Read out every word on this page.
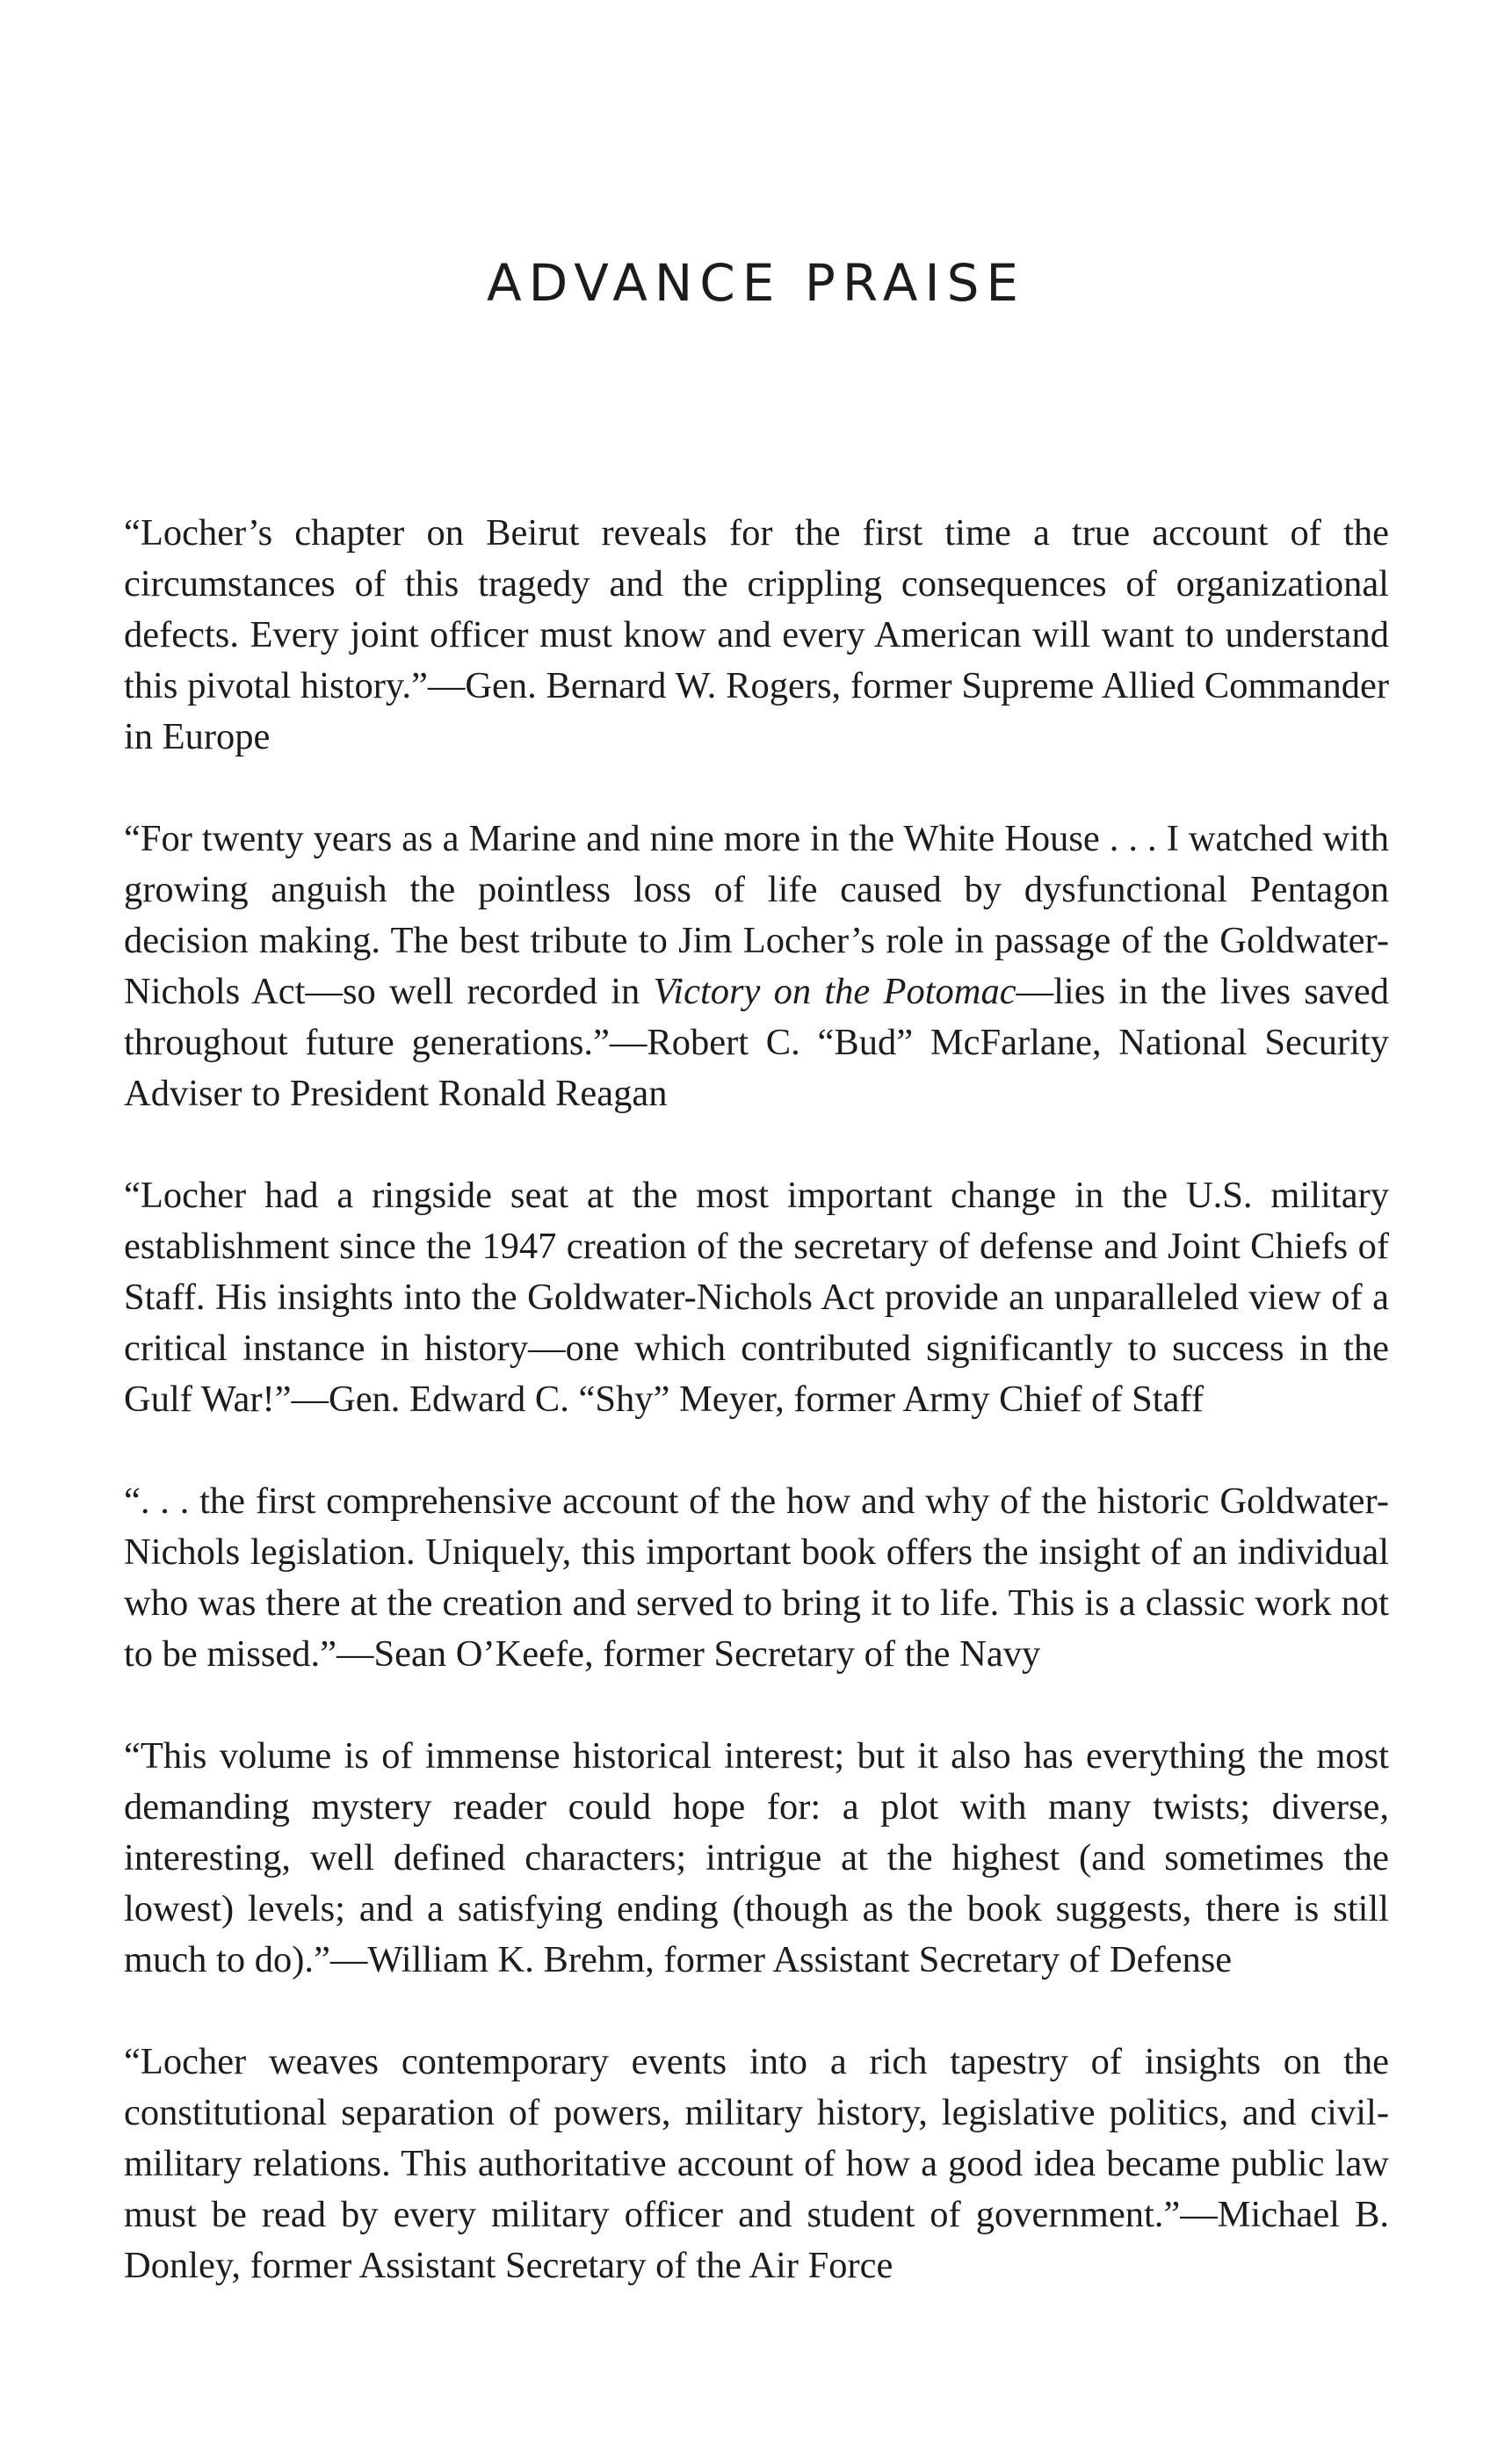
ADVANCE PRAISE

“Locher’s chapter on Beirut reveals for the first time a true account of the circumstances of this tragedy and the crippling consequences of organizational defects. Every joint officer must know and every American will want to understand this pivotal history.”—Gen. Bernard W. Rogers, former Supreme Allied Commander in Europe

“For twenty years as a Marine and nine more in the White House . . . I watched with growing anguish the pointless loss of life caused by dysfunctional Pentagon decision making. The best tribute to Jim Locher’s role in passage of the Goldwater-Nichols Act—so well recorded in Victory on the Potomac—lies in the lives saved throughout future generations.”—Robert C. “Bud” McFarlane, National Security Adviser to President Ronald Reagan

“Locher had a ringside seat at the most important change in the U.S. military establishment since the 1947 creation of the secretary of defense and Joint Chiefs of Staff. His insights into the Goldwater-Nichols Act provide an unparalleled view of a critical instance in history—one which contributed significantly to success in the Gulf War!”—Gen. Edward C. “Shy” Meyer, former Army Chief of Staff

“. . . the first comprehensive account of the how and why of the historic Goldwater-Nichols legislation. Uniquely, this important book offers the insight of an individual who was there at the creation and served to bring it to life. This is a classic work not to be missed.”—Sean O’Keefe, former Secretary of the Navy

“This volume is of immense historical interest; but it also has everything the most demanding mystery reader could hope for: a plot with many twists; diverse, interesting, well defined characters; intrigue at the highest (and sometimes the lowest) levels; and a satisfying ending (though as the book suggests, there is still much to do).”—William K. Brehm, former Assistant Secretary of Defense

“Locher weaves contemporary events into a rich tapestry of insights on the constitutional separation of powers, military history, legislative politics, and civil-military relations. This authoritative account of how a good idea became public law must be read by every military officer and student of government.”—Michael B. Donley, former Assistant Secretary of the Air Force
